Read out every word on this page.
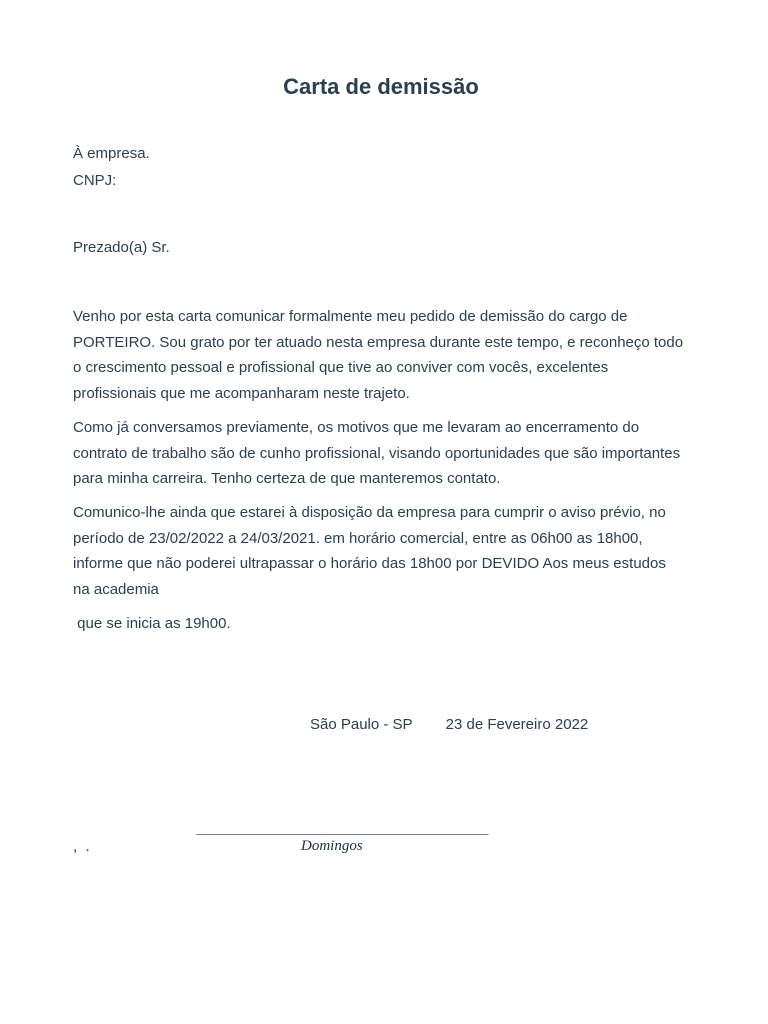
Carta de demissão
À empresa.
CNPJ:
Prezado(a) Sr.
Venho por esta carta comunicar formalmente meu pedido de demissão do cargo de
PORTEIRO. Sou grato por ter atuado nesta empresa durante este tempo, e reconheço todo
o crescimento pessoal e profissional que tive ao conviver com vocês, excelentes
profissionais que me acompanharam neste trajeto.
Como já conversamos previamente, os motivos que me levaram ao encerramento do
contrato de trabalho são de cunho profissional, visando oportunidades que são importantes
para minha carreira. Tenho certeza de que manteremos contato.
Comunico-lhe ainda que estarei à disposição da empresa para cumprir o aviso prévio, no
período de 23/02/2022 a 24/03/2021. em horário comercial, entre as 06h00 as 18h00,
informe que não poderei ultrapassar o horário das 18h00 por DEVIDO Aos meus estudos
na academia
que se inicia as 19h00.
São Paulo - SP        23 de Fevereiro 2022
,  .
________________________________________
Domingos
